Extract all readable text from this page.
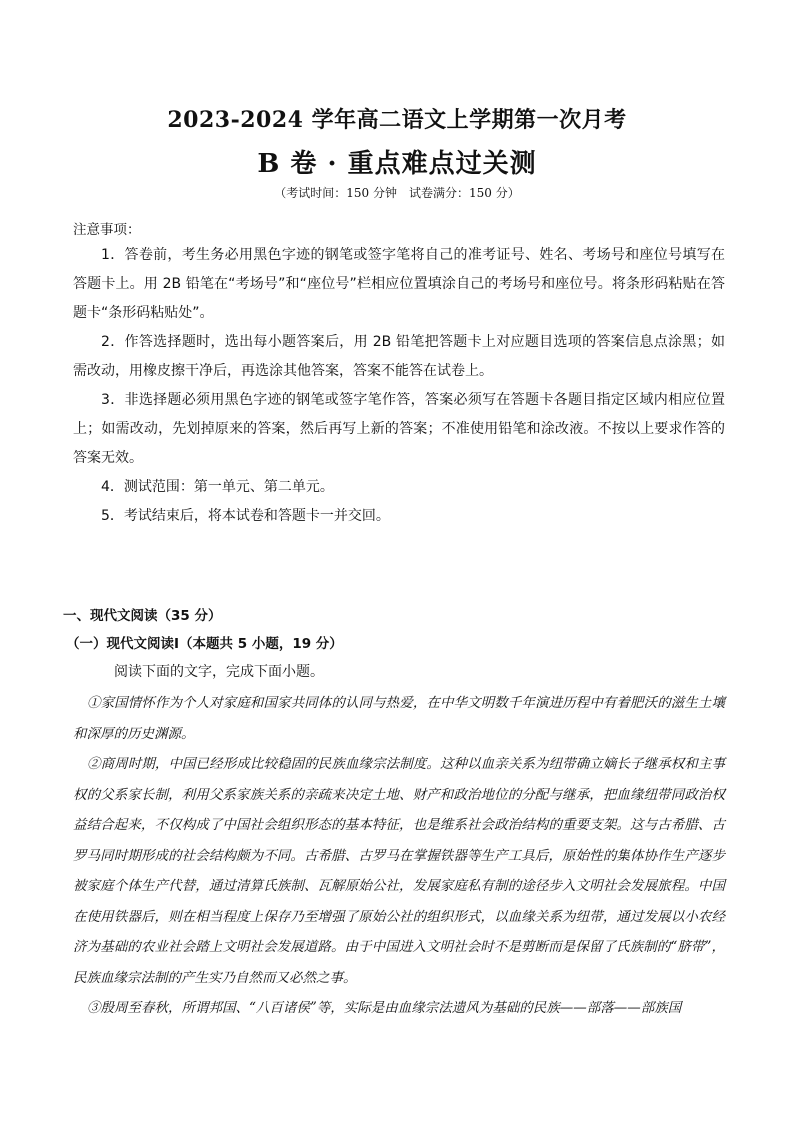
2023-2024 学年高二语文上学期第一次月考
B 卷 · 重点难点过关测
（考试时间：150 分钟　试卷满分：150 分）
注意事项：

1．答卷前，考生务必用黑色字迹的钢笔或签字笔将自己的准考证号、姓名、考场号和座位号填写在答题卡上。用 2B 铅笔在“考场号”和“座位号”栏相应位置填涂自己的考场号和座位号。将条形码粘贴在答题卡“条形码粘贴处”。

2．作答选择题时，选出每小题答案后，用 2B 铅笔把答题卡上对应题目选项的答案信息点涂黑；如需改动，用橡皮擦干净后，再选涂其他答案，答案不能答在试卷上。

3．非选择题必须用黑色字迹的钢笔或签字笔作答，答案必须写在答题卡各题目指定区域内相应位置上；如需改动，先划掉原来的答案，然后再写上新的答案；不准使用铅笔和涂改液。不按以上要求作答的答案无效。

4．测试范围：第一单元、第二单元。

5．考试结束后，将本试卷和答题卡一并交回。

一、现代文阅读（35 分）
（一）现代文阅读Ⅰ（本题共 5 小题，19 分）
阅读下面的文字，完成下面小题。

①家国情怀作为个人对家庭和国家共同体的认同与热爱，在中华文明数千年演进历程中有着肥沃的滋生土壤和深厚的历史渊源。

②商周时期，中国已经形成比较稳固的民族血缘宗法制度。这种以血亲关系为纽带确立嫡长子继承权和主事权的父系家长制，利用父系家族关系的亲疏来决定土地、财产和政治地位的分配与继承，把血缘纽带同政治权益结合起来，不仅构成了中国社会组织形态的基本特征，也是维系社会政治结构的重要支架。这与古希腊、古罗马同时期形成的社会结构颇为不同。古希腊、古罗马在掌握铁器等生产工具后，原始性的集体协作生产逐步被家庭个体生产代替，通过清算氏族制、瓦解原始公社，发展家庭私有制的途径步入文明社会发展旅程。中国在使用铁器后，则在相当程度上保存乃至增强了原始公社的组织形式，以血缘关系为纽带，通过发展以小农经济为基础的农业社会踏上文明社会发展道路。由于中国进入文明社会时不是剪断而是保留了氏族制的“脐带”，民族血缘宗法制的产生实乃自然而又必然之事。

③殷周至春秋，所谓邦国、“八百诸侯”等，实际是由血缘宗法遗风为基础的民族——部落——部族国
